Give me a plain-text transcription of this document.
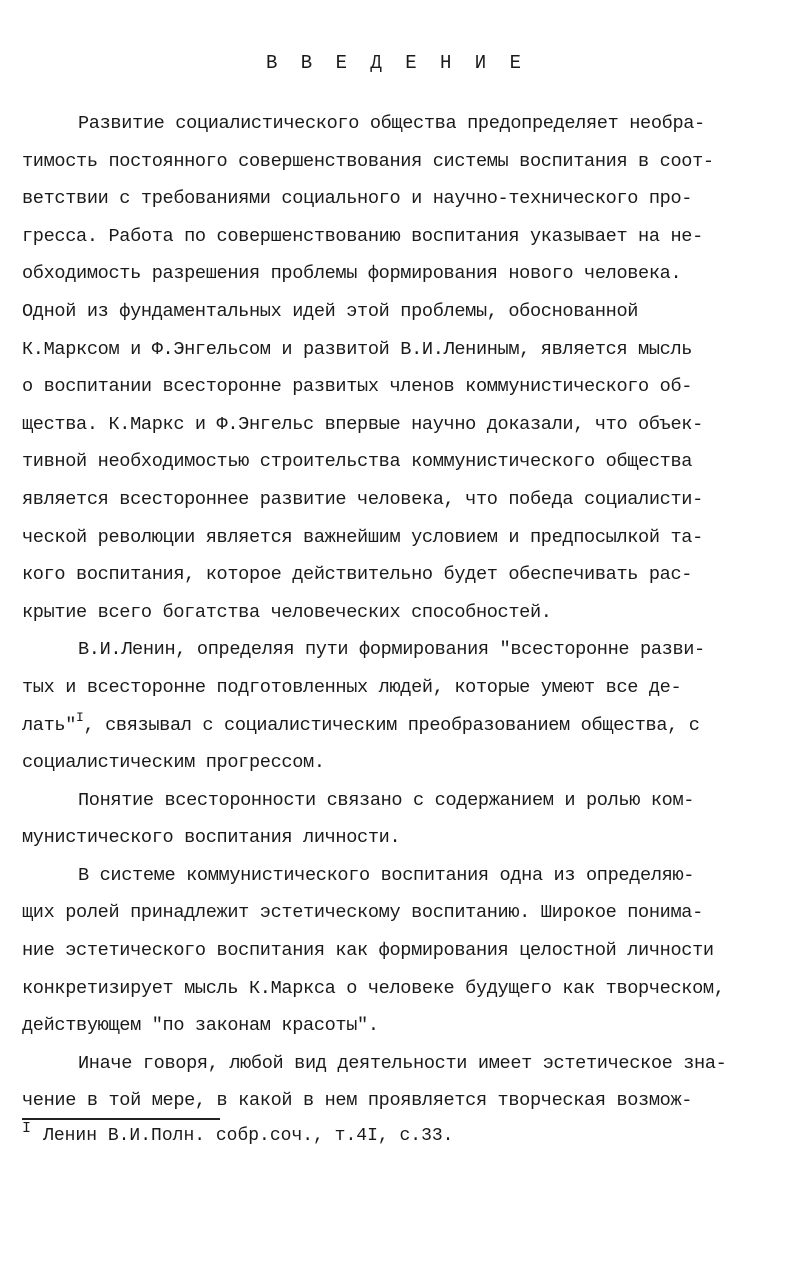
В В Е Д Е Н И Е
Развитие социалистического общества предопределяет необра-
тимость постоянного совершенствования системы воспитания в соот-
ветствии с требованиями социального и научно-технического про-
гресса. Работа по совершенствованию воспитания указывает на не-
обходимость разрешения проблемы формирования нового человека.
Одной из фундаментальных идей этой проблемы, обоснованной
К.Марксом и Ф.Энгельсом и развитой В.И.Лениным, является мысль
о воспитании всесторонне развитых членов коммунистического об-
щества. К.Маркс и Ф.Энгельс впервые научно доказали, что объек-
тивной необходимостью строительства коммунистического общества
является всестороннее развитие человека, что победа социалисти-
ческой революции является важнейшим условием и предпосылкой та-
кого воспитания, которое действительно будет обеспечивать рас-
крытие всего богатства человеческих способностей.
В.И.Ленин, определяя пути формирования "всесторонне разви-
тых и всесторонне подготовленных людей, которые умеют все де-
лать"$^I$, связывал с социалистическим преобразованием общества, с
социалистическим прогрессом.
Понятие всесторонности связано с содержанием и ролью ком-
мунистического воспитания личности.
В системе коммунистического воспитания одна из определяю-
щих ролей принадлежит эстетическому воспитанию. Широкое понима-
ние эстетического воспитания как формирования целостной личности
конкретизирует мысль К.Маркса о человеке будущего как творческом,
действующем "по законам красоты".
Иначе говоря, любой вид деятельности имеет эстетическое зна-
чение в той мере, в какой в нем проявляется творческая возмож-
$^I$ Ленин В.И.Полн. собр.соч., т.4I, с.33.
